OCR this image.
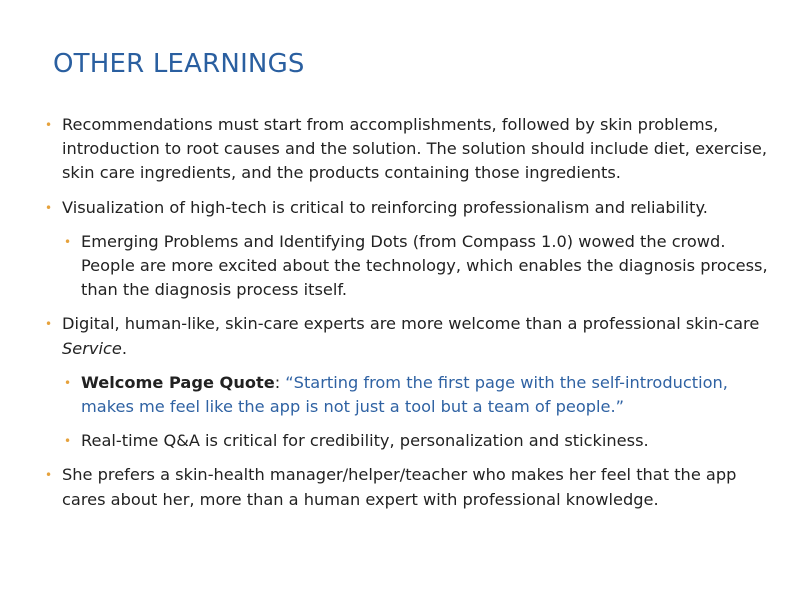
OTHER LEARNINGS
• Recommendations must start from accomplishments, followed by skin problems, introduction to root causes and the solution. The solution should include diet, exercise, skin care ingredients, and the products containing those ingredients.
• Visualization of high-tech is critical to reinforcing professionalism and reliability.
• Emerging Problems and Identifying Dots (from Compass 1.0) wowed the crowd. People are more excited about the technology, which enables the diagnosis process, than the diagnosis process itself.
• Digital, human-like, skin-care experts are more welcome than a professional skin-care Service.
• Welcome Page Quote: “Starting from the first page with the self-introduction, makes me feel like the app is not just a tool but a team of people.”
• Real-time Q&A is critical for credibility, personalization and stickiness.
• She prefers a skin-health manager/helper/teacher who makes her feel that the app cares about her, more than a human expert with professional knowledge.
